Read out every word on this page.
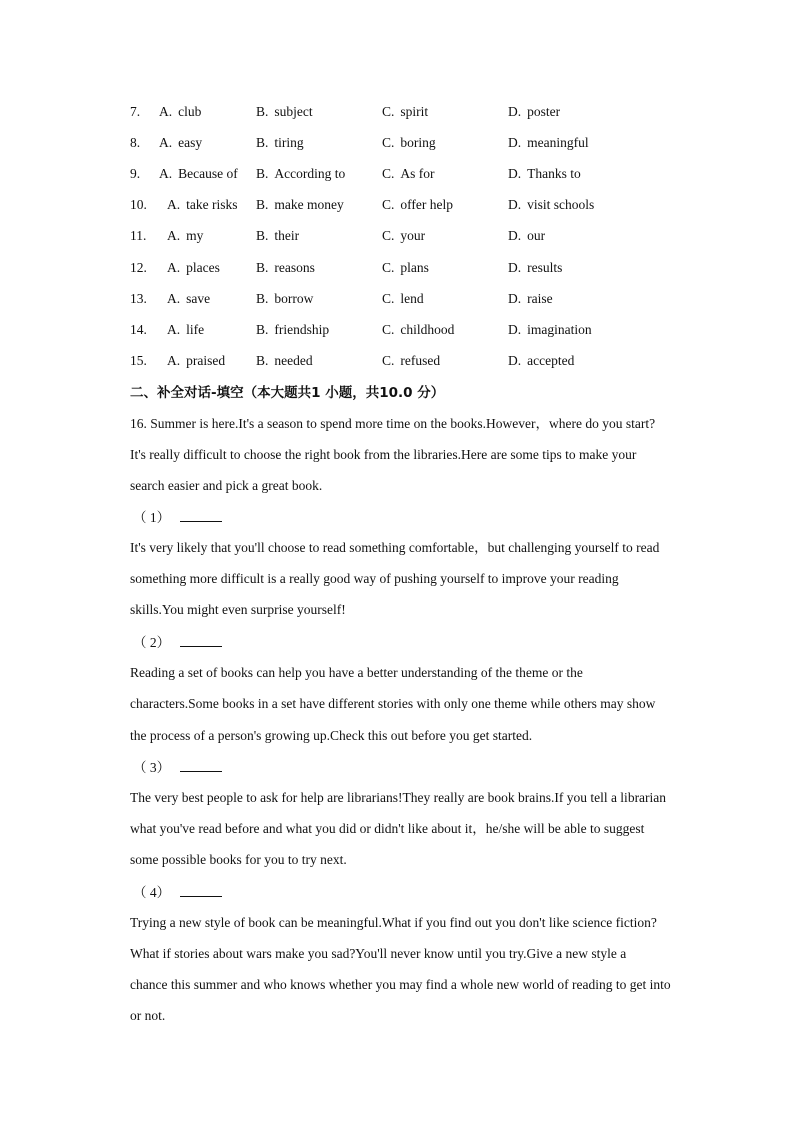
7. A. club	B. subject	C. spirit	D. poster
8. A. easy	B. tiring	C. boring	D. meaningful
9. A. Because of B. According to	C. As for	D. Thanks to
10. A. take risks B. make money	C. offer help	D. visit schools
11. A. my	B. their	C. your	D. our
12. A. places	B. reasons	C. plans	D. results
13. A. save	B. borrow	C. lend	D. raise
14. A. life	B. friendship	C. childhood	D. imagination
15. A. praised B. needed	C. refused	D. accepted
二、补全对话-填空（本大题共1 小题，共10.0 分）
16. Summer is here.It's a season to spend more time on the books.However，where do you start?
It's really difficult to choose the right book from the libraries.Here are some tips to make your
search easier and pick a great book.
（ 1）
It's very likely that you'll choose to read something comfortable，but challenging yourself to read
something more difficult is a really good way of pushing yourself to improve your reading
skills.You might even surprise yourself!
（ 2）
Reading a set of books can help you have a better understanding of the theme or the
characters.Some books in a set have different stories with only one theme while others may show
the process of a person's growing up.Check this out before you get started.
（ 3）
The very best people to ask for help are librarians!They really are book brains.If you tell a librarian
what you've read before and what you did or didn't like about it，he/she will be able to suggest
some possible books for you to try next.
（ 4）
Trying a new style of book can be meaningful.What if you find out you don't like science fiction?
What if stories about wars make you sad?You'll never know until you try.Give a new style a
chance this summer and who knows whether you may find a whole new world of reading to get into
or not.
